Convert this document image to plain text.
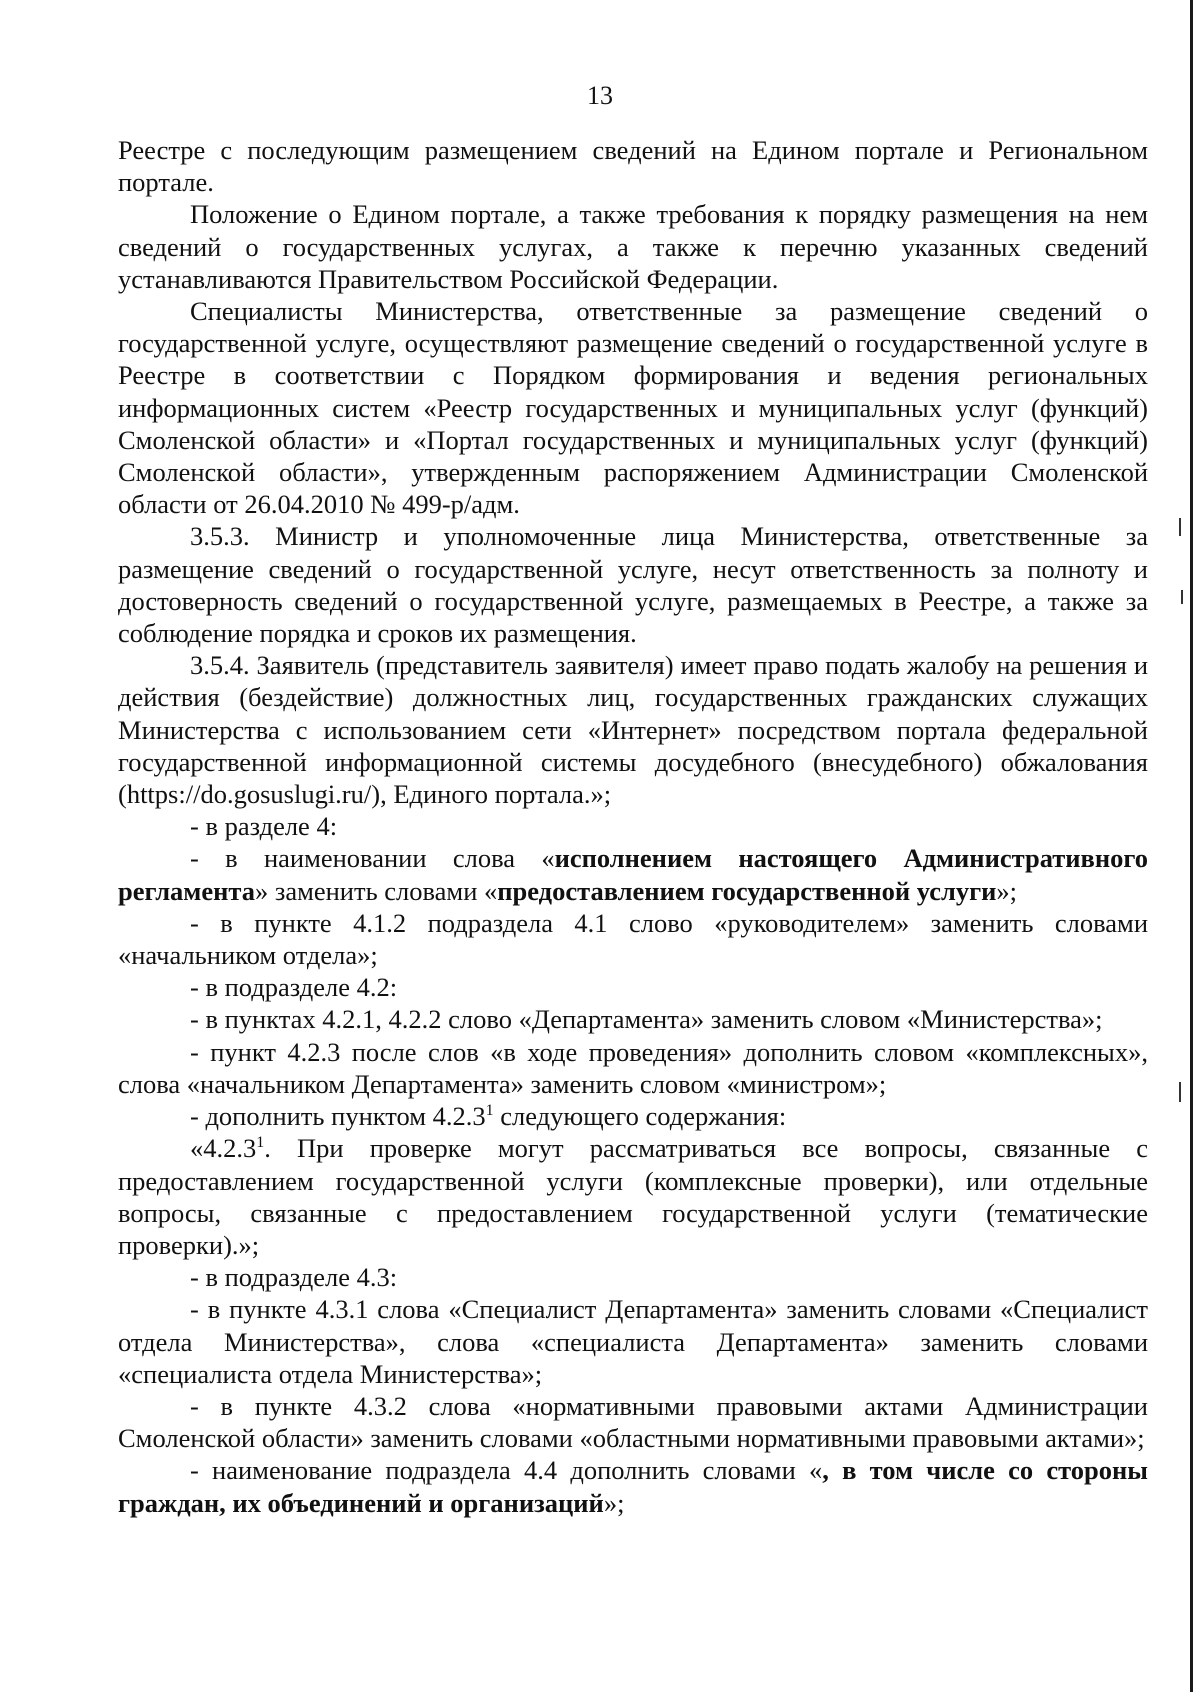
13

Реестре с последующим размещением сведений на Едином портале и Региональном портале.

Положение о Едином портале, а также требования к порядку размещения на нем сведений о государственных услугах, а также к перечню указанных сведений устанавливаются Правительством Российской Федерации.

Специалисты Министерства, ответственные за размещение сведений о государственной услуге, осуществляют размещение сведений о государственной услуге в Реестре в соответствии с Порядком формирования и ведения региональных информационных систем «Реестр государственных и муниципальных услуг (функций) Смоленской области» и «Портал государственных и муниципальных услуг (функций) Смоленской области», утвержденным распоряжением Администрации Смоленской области от 26.04.2010 № 499-р/адм.

3.5.3. Министр и уполномоченные лица Министерства, ответственные за размещение сведений о государственной услуге, несут ответственность за полноту и достоверность сведений о государственной услуге, размещаемых в Реестре, а также за соблюдение порядка и сроков их размещения.

3.5.4. Заявитель (представитель заявителя) имеет право подать жалобу на решения и действия (бездействие) должностных лиц, государственных гражданских служащих Министерства с использованием сети «Интернет» посредством портала федеральной государственной информационной системы досудебного (внесудебного) обжалования (https://do.gosuslugi.ru/), Единого портала.»;

- в разделе 4:

- в наименовании слова «исполнением настоящего Административного регламента» заменить словами «предоставлением государственной услуги»;

- в пункте 4.1.2 подраздела 4.1 слово «руководителем» заменить словами «начальником отдела»;

- в подразделе 4.2:

- в пунктах 4.2.1, 4.2.2 слово «Департамента» заменить словом «Министерства»;

- пункт 4.2.3 после слов «в ходе проведения» дополнить словом «комплексных», слова «начальником Департамента» заменить словом «министром»;

- дополнить пунктом 4.2.3$^1$ следующего содержания:

«4.2.3$^1$. При проверке могут рассматриваться все вопросы, связанные с предоставлением государственной услуги (комплексные проверки), или отдельные вопросы, связанные с предоставлением государственной услуги (тематические проверки).»;

- в подразделе 4.3:

- в пункте 4.3.1 слова «Специалист Департамента» заменить словами «Специалист отдела Министерства», слова «специалиста Департамента» заменить словами «специалиста отдела Министерства»;

- в пункте 4.3.2 слова «нормативными правовыми актами Администрации Смоленской области» заменить словами «областными нормативными правовыми актами»;

- наименование подраздела 4.4 дополнить словами «, в том числе со стороны граждан, их объединений и организаций»;
